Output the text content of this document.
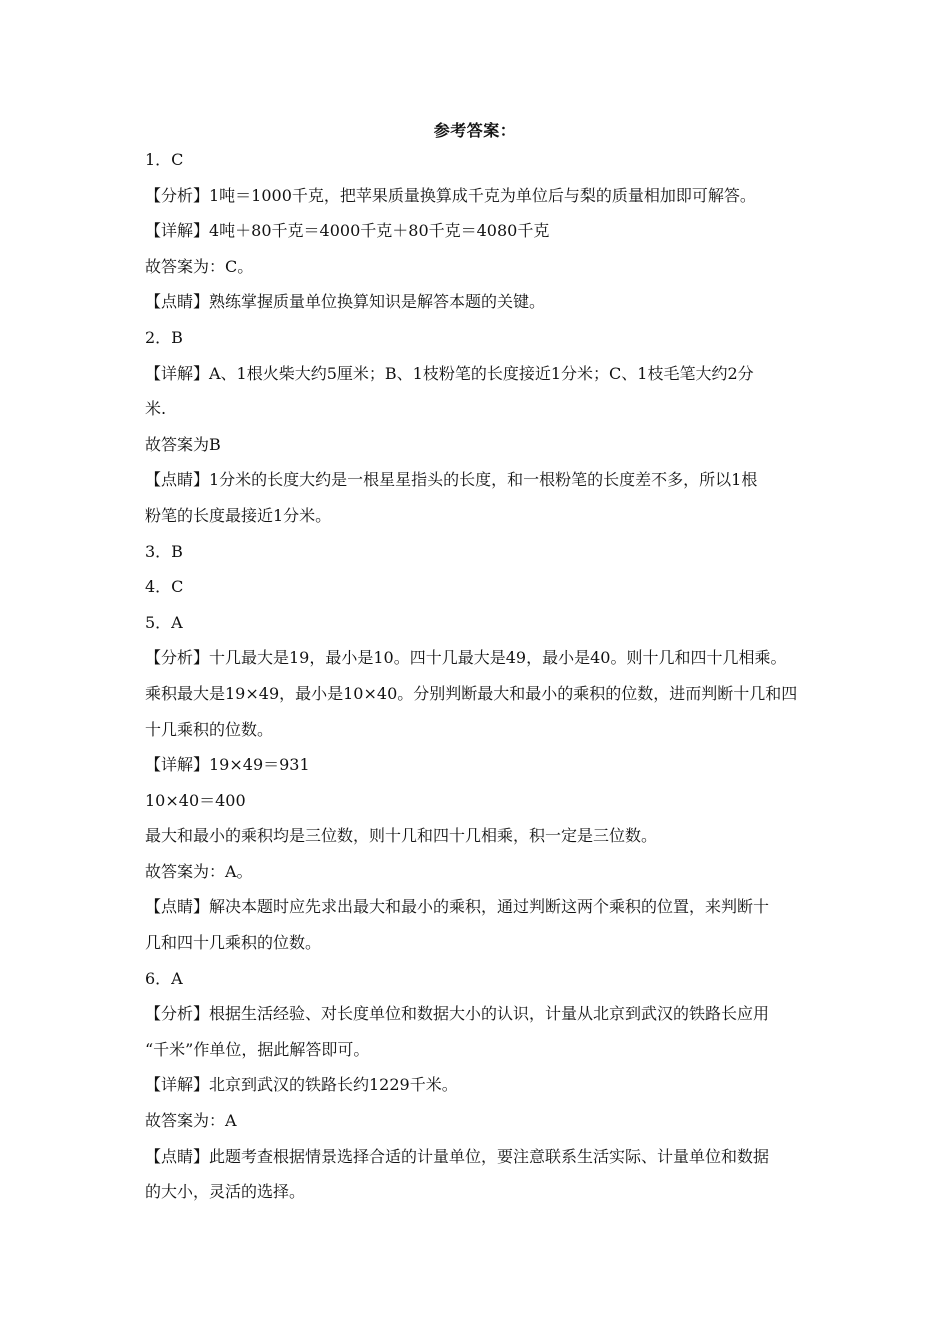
参考答案：
1．C
【分析】1吨＝1000千克，把苹果质量换算成千克为单位后与梨的质量相加即可解答。
【详解】4吨＋80千克＝4000千克＋80千克＝4080千克
故答案为：C。
【点睛】熟练掌握质量单位换算知识是解答本题的关键。
2．B
【详解】A、1根火柴大约5厘米；B、1枝粉笔的长度接近1分米；C、1枝毛笔大约2分
米.
故答案为B
【点睛】1分米的长度大约是一根星星指头的长度，和一根粉笔的长度差不多，所以1根
粉笔的长度最接近1分米。
3．B
4．C
5．A
【分析】十几最大是19，最小是10。四十几最大是49，最小是40。则十几和四十几相乘。
乘积最大是19×49，最小是10×40。分别判断最大和最小的乘积的位数，进而判断十几和四
十几乘积的位数。
【详解】19×49＝931
10×40＝400
最大和最小的乘积均是三位数，则十几和四十几相乘，积一定是三位数。
故答案为：A。
【点睛】解决本题时应先求出最大和最小的乘积，通过判断这两个乘积的位置，来判断十
几和四十几乘积的位数。
6．A
【分析】根据生活经验、对长度单位和数据大小的认识，计量从北京到武汉的铁路长应用
“千米”作单位，据此解答即可。
【详解】北京到武汉的铁路长约1229千米。
故答案为：A
【点睛】此题考查根据情景选择合适的计量单位，要注意联系生活实际、计量单位和数据
的大小，灵活的选择。
